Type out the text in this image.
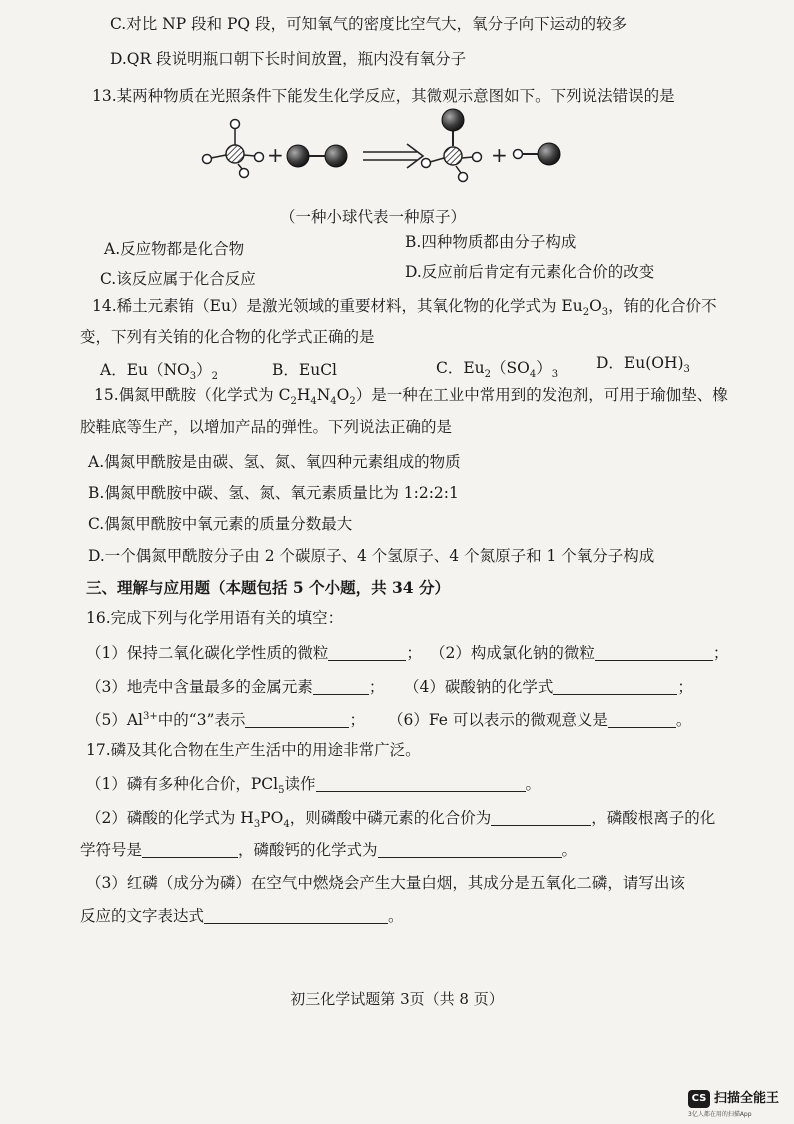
C.对比 NP 段和 PQ 段，可知氧气的密度比空气大，氧分子向下运动的较多
D.QR 段说明瓶口朝下长时间放置，瓶内没有氧分子
13.某两种物质在光照条件下能发生化学反应，其微观示意图如下。下列说法错误的是
+	+
（一种小球代表一种原子）
A.反应物都是化合物	B.四种物质都由分子构成
C.该反应属于化合反应	D.反应前后肯定有元素化合价的改变
14.稀土元素铕（Eu）是激光领域的重要材料，其氧化物的化学式为 $Eu_2O_3$，铕的化合价不
变，下列有关铕的化合物的化学式正确的是
A．$Eu(NO_3)_2$	B．EuCl	C．$Eu_2(SO_4)_3$
D．$Eu(OH)_3$
15.偶氮甲酰胺（化学式为 $C_2H_4N_4O_2$）是一种在工业中常用到的发泡剂，可用于瑜伽垫、橡
胶鞋底等生产，以增加产品的弹性。下列说法正确的是
A.偶氮甲酰胺是由碳、氢、氮、氧四种元素组成的物质
B.偶氮甲酰胺中碳、氢、氮、氧元素质量比为 1:2:2:1
C.偶氮甲酰胺中氧元素的质量分数最大
D.一个偶氮甲酰胺分子由 2 个碳原子、4 个氢原子、4 个氮原子和 1 个氧分子构成
三、理解与应用题（本题包括 5 个小题，共 34 分）
16.完成下列与化学用语有关的填空：
（1）保持二氧化碳化学性质的微粒	； （2）构成氯化钠的微粒	；
（3）地壳中含量最多的金属元素	； （4）碳酸钠的化学式	；
$(5)Al^{3+}$中的“3”表示	； （6）Fe 可以表示的微观意义是	。
17.磷及其化合物在生产生活中的用途非常广泛。
（1）磷有多种化合价，PCl$_5$读作	。
（2）磷酸的化学式为 $H_3PO_4$，则磷酸中磷元素的化合价为	，磷酸根离子的化
学符号是	，磷酸钙的化学式为	。
（3）红磷（成分为磷）在空气中燃烧会产生大量白烟，其成分是五氧化二磷，请写出该
反应的文字表达式	。
初三化学试题第 3页（共 8 页）
CS 扫描全能王
3亿人都在用的扫描App
